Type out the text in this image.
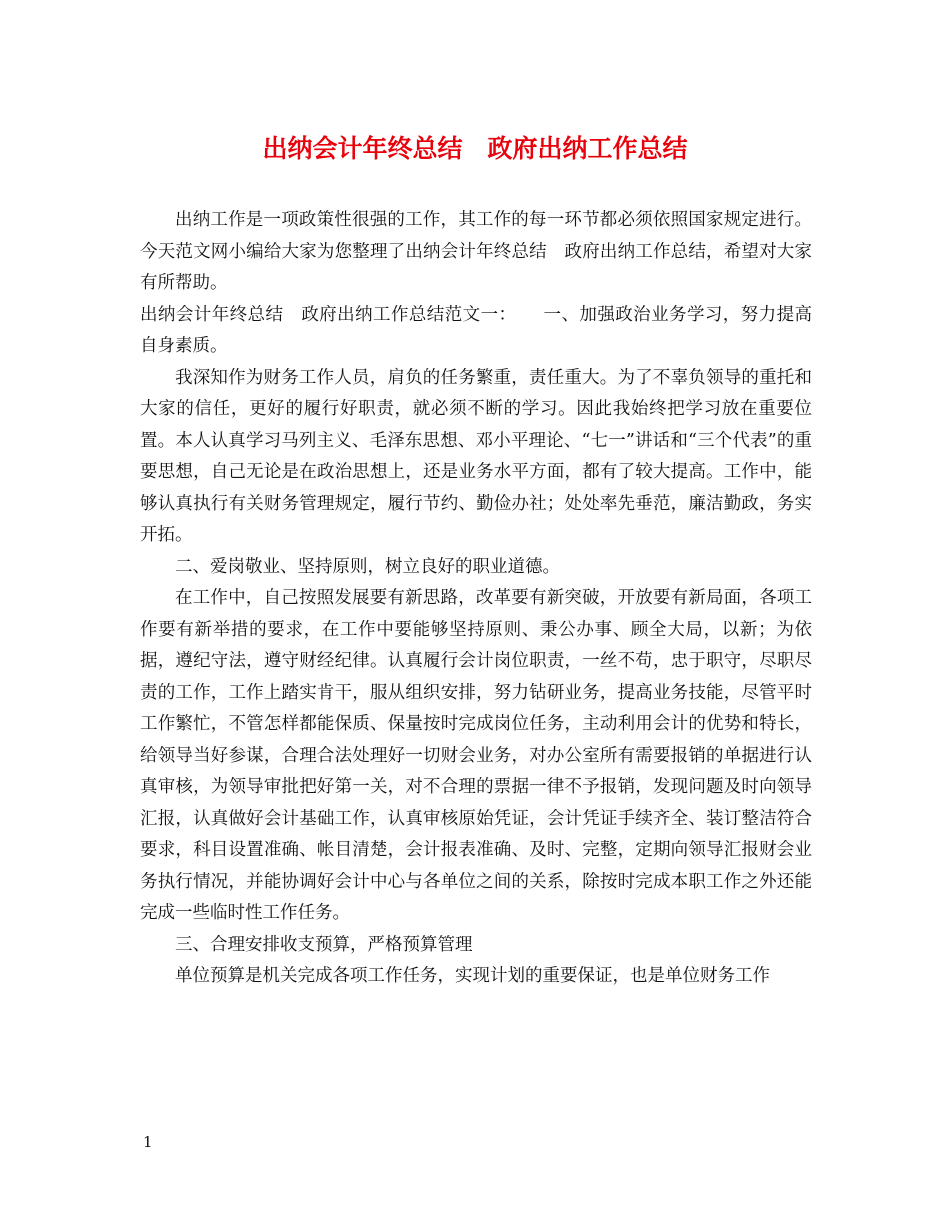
出纳会计年终总结　政府出纳工作总结

出纳工作是一项政策性很强的工作，其工作的每一环节都必须依照国家规定进行。今天范文网小编给大家为您整理了出纳会计年终总结　政府出纳工作总结，希望对大家有所帮助。

出纳会计年终总结　政府出纳工作总结范文一：　　一、加强政治业务学习，努力提高自身素质。

我深知作为财务工作人员，肩负的任务繁重，责任重大。为了不辜负领导的重托和大家的信任，更好的履行好职责，就必须不断的学习。因此我始终把学习放在重要位置。本人认真学习马列主义、毛泽东思想、邓小平理论、“七一”讲话和“三个代表”的重要思想，自己无论是在政治思想上，还是业务水平方面，都有了较大提高。工作中，能够认真执行有关财务管理规定，履行节约、勤俭办社；处处率先垂范，廉洁勤政，务实开拓。

二、爱岗敬业、坚持原则，树立良好的职业道德。

在工作中，自己按照发展要有新思路，改革要有新突破，开放要有新局面，各项工作要有新举措的要求，在工作中要能够坚持原则、秉公办事、顾全大局，以新；为依据，遵纪守法，遵守财经纪律。认真履行会计岗位职责，一丝不苟，忠于职守，尽职尽责的工作，工作上踏实肯干，服从组织安排，努力钻研业务，提高业务技能，尽管平时工作繁忙，不管怎样都能保质、保量按时完成岗位任务，主动利用会计的优势和特长，给领导当好参谋，合理合法处理好一切财会业务，对办公室所有需要报销的单据进行认真审核，为领导审批把好第一关，对不合理的票据一律不予报销，发现问题及时向领导汇报，认真做好会计基础工作，认真审核原始凭证，会计凭证手续齐全、装订整洁符合要求，科目设置准确、帐目清楚，会计报表准确、及时、完整，定期向领导汇报财会业务执行情况，并能协调好会计中心与各单位之间的关系，除按时完成本职工作之外还能完成一些临时性工作任务。

三、合理安排收支预算，严格预算管理

单位预算是机关完成各项工作任务，实现计划的重要保证，也是单位财务工作

1
